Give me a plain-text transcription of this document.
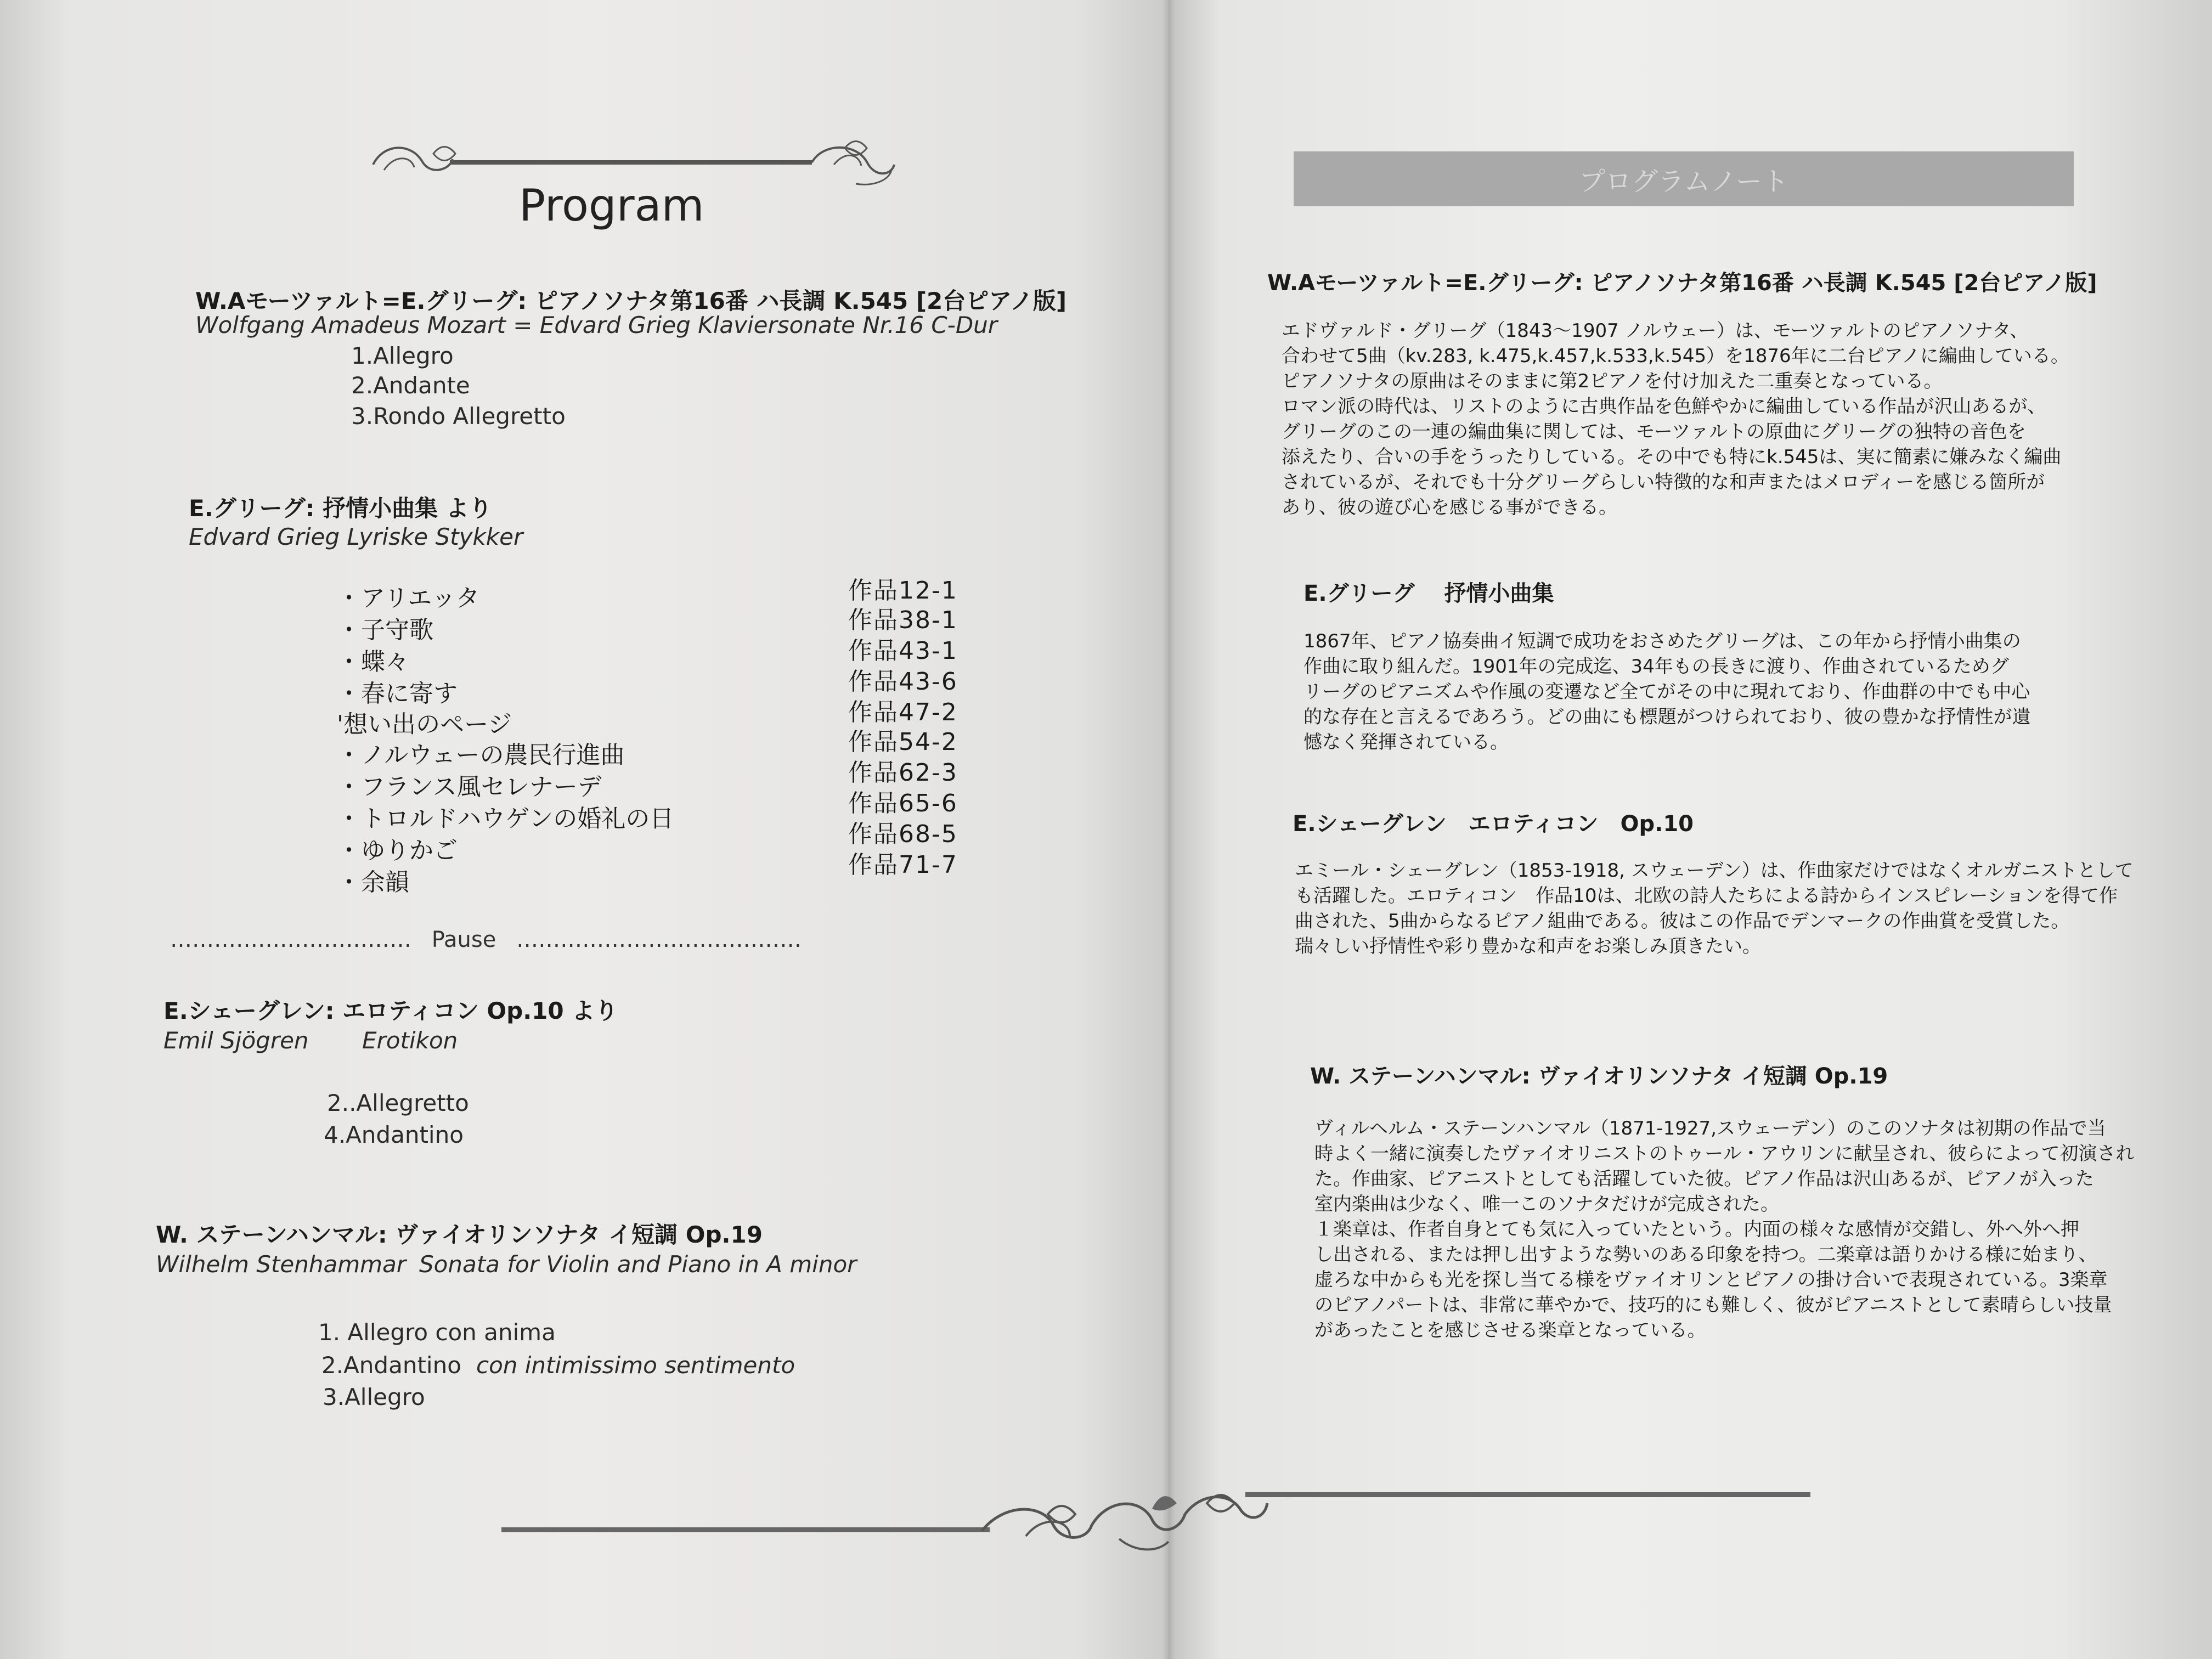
Program
W.Aモーツァルト=E.グリーグ: ピアノソナタ第16番 ハ長調 K.545 [2台ピアノ版]
Wolfgang Amadeus Mozart = Edvard Grieg Klaviersonate Nr.16 C-Dur
1.Allegro
2.Andante
3.Rondo Allegretto
E.グリーグ: 抒情小曲集 より
Edvard Grieg Lyriske Stykker
・アリエッタ
・子守歌
・蝶々
・春に寄す
'想い出のページ
・ノルウェーの農民行進曲
・フランス風セレナーデ
・トロルドハウゲンの婚礼の日
・ゆりかご
・余韻
作品12-1
作品38-1
作品43-1
作品43-6
作品47-2
作品54-2
作品62-3
作品65-6
作品68-5
作品71-7
…………………………… Pause …………………………………
E.シェーグレン: エロティコン Op.10 より
Emil Sjögren Erotikon
2..Allegretto
4.Andantino
W. ステーンハンマル: ヴァイオリンソナタ イ短調 Op.19
Wilhelm Stenhammar Sonata for Violin and Piano in A minor
1. Allegro con anima
2.Andantino con intimissimo sentimento
3.Allegro
プログラムノート
W.Aモーツァルト=E.グリーグ: ピアノソナタ第16番 ハ長調 K.545 [2台ピアノ版]
エドヴァルド・グリーグ（1843～1907 ノルウェー）は、モーツァルトのピアノソナタ、
合わせて5曲（kv.283, k.475,k.457,k.533,k.545）を1876年に二台ピアノに編曲している。
ピアノソナタの原曲はそのままに第2ピアノを付け加えた二重奏となっている。
ロマン派の時代は、リストのように古典作品を色鮮やかに編曲している作品が沢山あるが、
グリーグのこの一連の編曲集に関しては、モーツァルトの原曲にグリーグの独特の音色を
添えたり、合いの手をうったりしている。その中でも特にk.545は、実に簡素に嫌みなく編曲
されているが、それでも十分グリーグらしい特徴的な和声またはメロディーを感じる箇所が
あり、彼の遊び心を感じる事ができる。
E.グリーグ　 抒情小曲集
1867年、ピアノ協奏曲イ短調で成功をおさめたグリーグは、この年から抒情小曲集の
作曲に取り組んだ。1901年の完成迄、34年もの長きに渡り、作曲されているためグ
リーグのピアニズムや作風の変遷など全てがその中に現れており、作曲群の中でも中心
的な存在と言えるであろう。どの曲にも標題がつけられており、彼の豊かな抒情性が遺
憾なく発揮されている。
E.シェーグレン　エロティコン　Op.10
エミール・シェーグレン（1853-1918, スウェーデン）は、作曲家だけではなくオルガニストとして
も活躍した。エロティコン　作品10は、北欧の詩人たちによる詩からインスピレーションを得て作
曲された、5曲からなるピアノ組曲である。彼はこの作品でデンマークの作曲賞を受賞した。
瑞々しい抒情性や彩り豊かな和声をお楽しみ頂きたい。
W. ステーンハンマル: ヴァイオリンソナタ イ短調 Op.19
ヴィルヘルム・ステーンハンマル（1871-1927,スウェーデン）のこのソナタは初期の作品で当
時よく一緒に演奏したヴァイオリニストのトゥール・アウリンに献呈され、彼らによって初演され
た。作曲家、ピアニストとしても活躍していた彼。ピアノ作品は沢山あるが、ピアノが入った
室内楽曲は少なく、唯一このソナタだけが完成された。
１楽章は、作者自身とても気に入っていたという。内面の様々な感情が交錯し、外へ外へ押
し出される、または押し出すような勢いのある印象を持つ。二楽章は語りかける様に始まり、
虚ろな中からも光を探し当てる様をヴァイオリンとピアノの掛け合いで表現されている。3楽章
のピアノパートは、非常に華やかで、技巧的にも難しく、彼がピアニストとして素晴らしい技量
があったことを感じさせる楽章となっている。
